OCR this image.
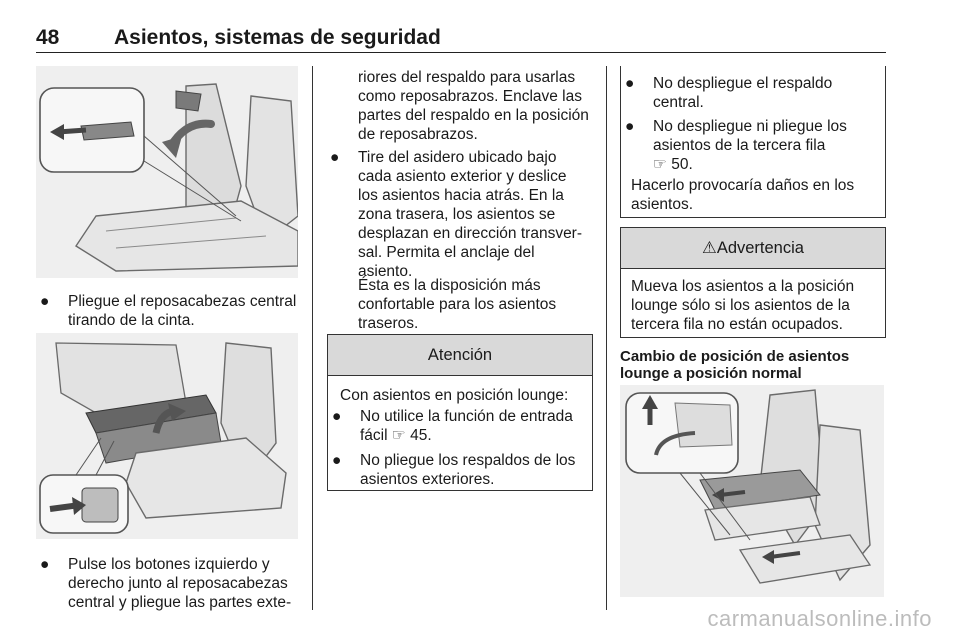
48	Asientos, sistemas de seguridad
● Pliegue el reposacabezas central
tirando de la cinta.
● Pulse los botones izquierdo y
derecho junto al reposacabezas
central y pliegue las partes exte-
riores del respaldo para usarlas
como reposabrazos. Enclave las
partes del respaldo en la posición
de reposabrazos.
● Tire del asidero ubicado bajo
cada asiento exterior y deslice
los asientos hacia atrás. En la
zona trasera, los asientos se
desplazan en dirección transver-
sal. Permita el anclaje del
asiento.
Ésta es la disposición más
confortable para los asientos
traseros.
Atención
Con asientos en posición lounge:
● No utilice la función de entrada
fácil ☞ 45.
● No pliegue los respaldos de los
asientos exteriores.
● No despliegue el respaldo
central.
● No despliegue ni pliegue los
asientos de la tercera fila
☞ 50.
Hacerlo provocaría daños en los
asientos.
⚠Advertencia
Mueva los asientos a la posición
lounge sólo si los asientos de la
tercera fila no están ocupados.
Cambio de posición de asientos
lounge a posición normal
carmanualsonline.info
